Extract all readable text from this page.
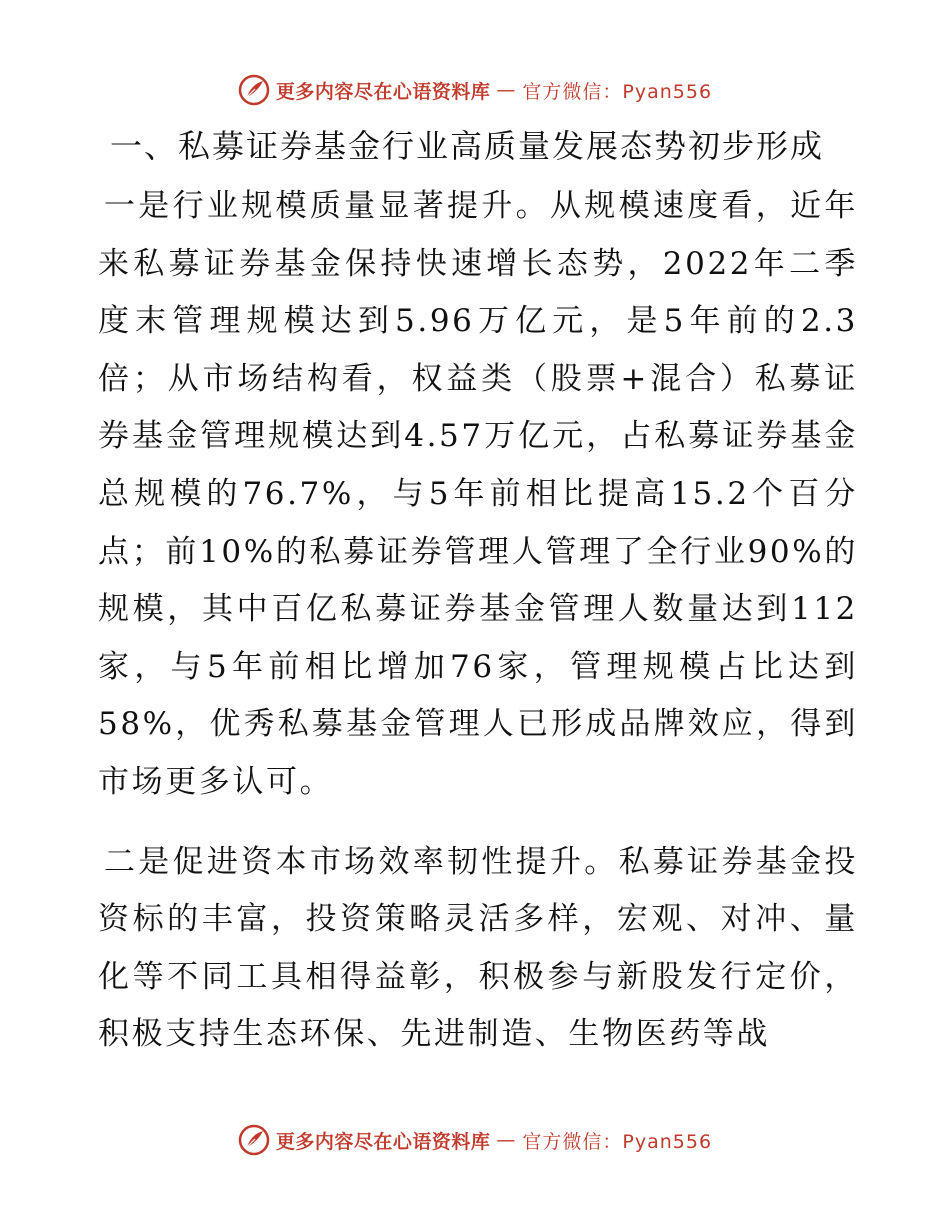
更多内容尽在心语资料库 — 官方微信：Pyan556
一、私募证券基金行业高质量发展态势初步形成

一是行业规模质量显著提升。从规模速度看，近年来私募证券基金保持快速增长态势，2022年二季度末管理规模达到5.96万亿元，是5年前的2.3倍；从市场结构看，权益类（股票+混合）私募证券基金管理规模达到4.57万亿元，占私募证券基金总规模的76.7%，与5年前相比提高15.2个百分点；前10%的私募证券管理人管理了全行业90%的规模，其中百亿私募证券基金管理人数量达到112家，与5年前相比增加76家，管理规模占比达到58%，优秀私募基金管理人已形成品牌效应，得到市场更多认可。

二是促进资本市场效率韧性提升。私募证券基金投资标的丰富，投资策略灵活多样，宏观、对冲、量化等不同工具相得益彰，积极参与新股发行定价，积极支持生态环保、先进制造、生物医药等战

更多内容尽在心语资料库 — 官方微信：Pyan556
